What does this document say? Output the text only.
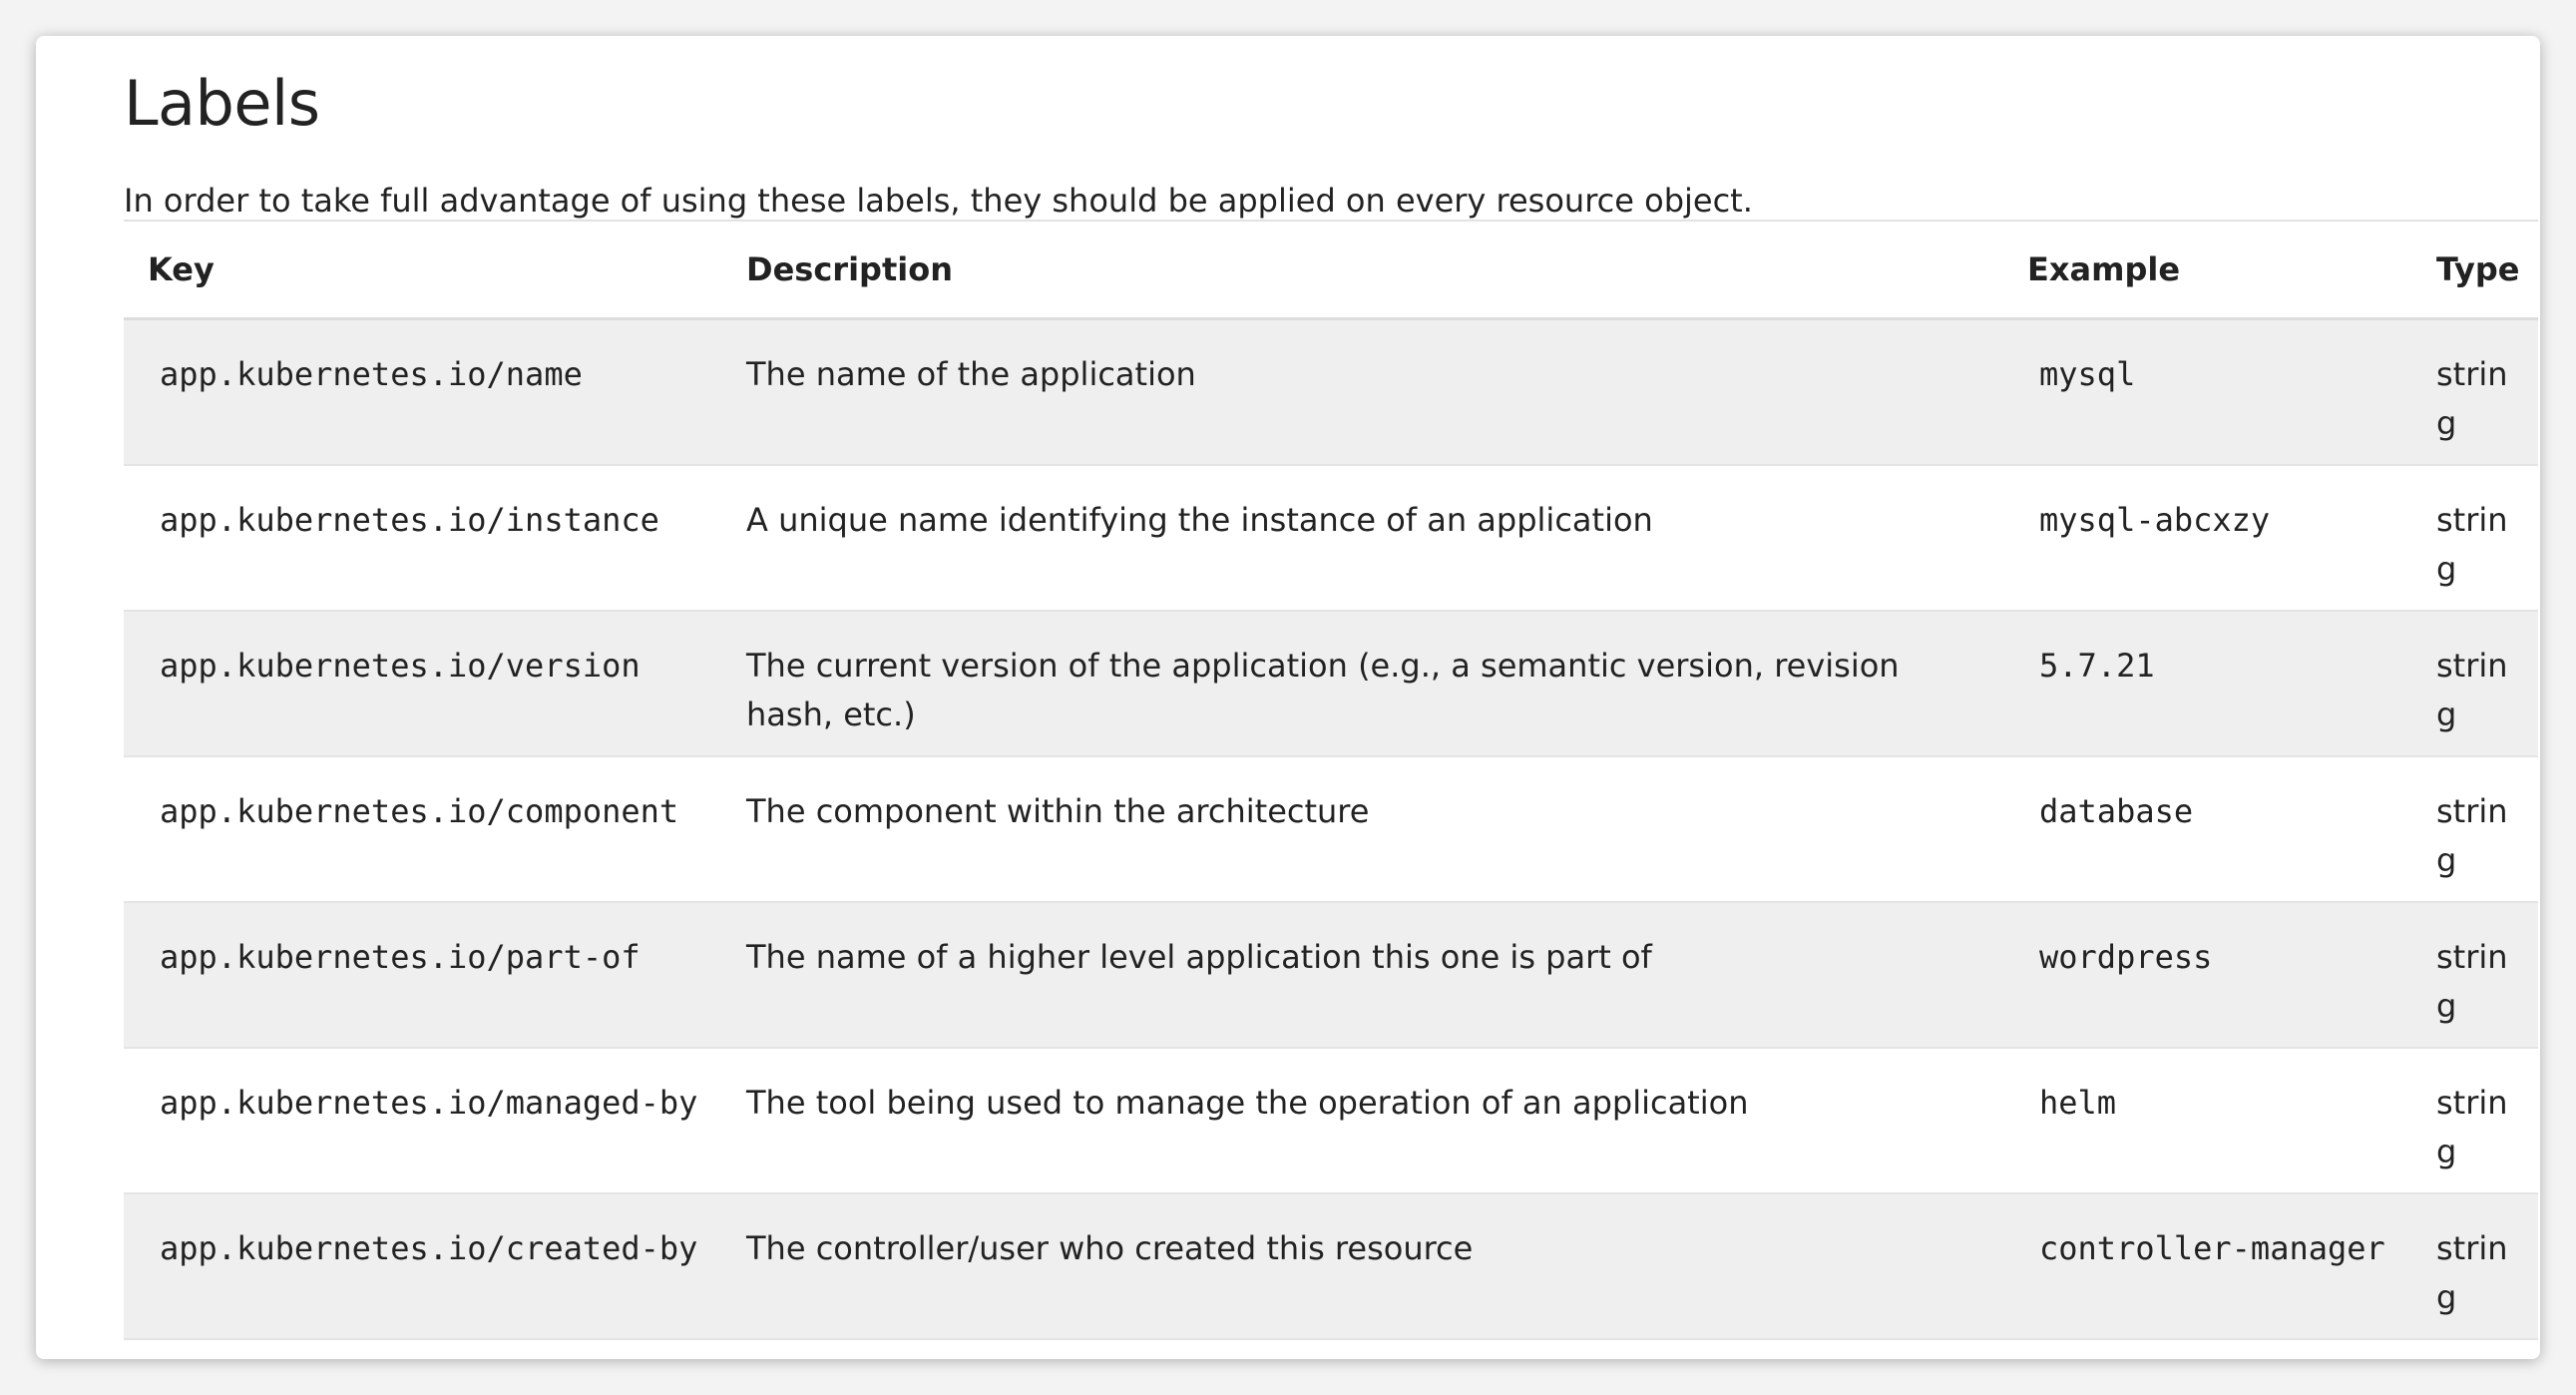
Labels

In order to take full advantage of using these labels, they should be applied on every resource object.

Key	Description	Example	Type
app.kubernetes.io/name	The name of the application	mysql	string

app.kubernetes.io/instance	A unique name identifying the instance of an application	mysql-abcxzy	string

app.kubernetes.io/version	The current version of the application (e.g., a semantic version, revision hash, etc.)	5.7.21	string

app.kubernetes.io/component	The component within the architecture	database	string

app.kubernetes.io/part-of	The name of a higher level application this one is part of	wordpress	string

app.kubernetes.io/managed-by	The tool being used to manage the operation of an application	helm	string

app.kubernetes.io/created-by	The controller/user who created this resource	controller-manager	string
